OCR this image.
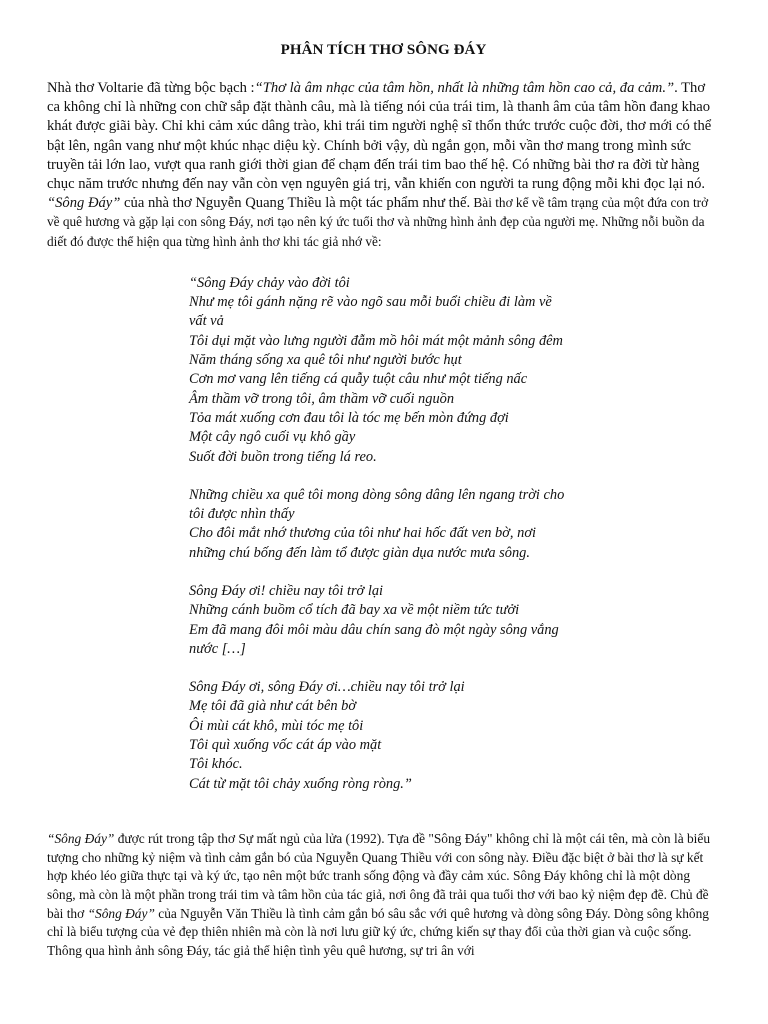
PHÂN TÍCH THƠ SÔNG ĐÁY

Nhà thơ Voltarie đã từng bộc bạch :“Thơ là âm nhạc của tâm hồn, nhất là những tâm hồn cao cả, đa cảm.”. Thơ ca không chỉ là những con chữ sắp đặt thành câu, mà là tiếng nói của trái tim, là thanh âm của tâm hồn đang khao khát được giãi bày. Chỉ khi cảm xúc dâng trào, khi trái tim người nghệ sĩ thổn thức trước cuộc đời, thơ mới có thể bật lên, ngân vang như một khúc nhạc diệu kỳ. Chính bởi vậy, dù ngắn gọn, mỗi vần thơ mang trong mình sức truyền tải lớn lao, vượt qua ranh giới thời gian để chạm đến trái tim bao thế hệ. Có những bài thơ ra đời từ hàng chục năm trước nhưng đến nay vẫn còn vẹn nguyên giá trị, vẫn khiến con người ta rung động mỗi khi đọc lại nó. “Sông Đáy” của nhà thơ Nguyễn Quang Thiều là một tác phẩm như thế. Bài thơ kể về tâm trạng của một đứa con trở về quê hương và gặp lại con sông Đáy, nơi tạo nên ký ức tuổi thơ và những hình ảnh đẹp của người mẹ. Những nỗi buồn da diết đó được thể hiện qua từng hình ảnh thơ khi tác giả nhớ về:

“Sông Đáy chảy vào đời tôi
Như mẹ tôi gánh nặng rẽ vào ngõ sau mỗi buổi chiều đi làm về
vất vả
Tôi dụi mặt vào lưng người đẫm mồ hôi mát một mảnh sông đêm
Năm tháng sống xa quê tôi như người bước hụt
Cơn mơ vang lên tiếng cá quẫy tuột câu như một tiếng nấc
Âm thầm vỡ trong tôi, âm thầm vỡ cuối nguồn
Tỏa mát xuống cơn đau tôi là tóc mẹ bến mòn đứng đợi
Một cây ngô cuối vụ khô gầy
Suốt đời buồn trong tiếng lá reo.
Những chiều xa quê tôi mong dòng sông dâng lên ngang trời cho
tôi được nhìn thấy
Cho đôi mắt nhớ thương của tôi như hai hốc đất ven bờ, nơi
những chú bống đến làm tổ được giàn dụa nước mưa sông.
Sông Đáy ơi! chiều nay tôi trở lại
Những cánh buồm cổ tích đã bay xa về một niềm tức tưởi
Em đã mang đôi môi màu dâu chín sang đò một ngày sông vắng
nước […]
Sông Đáy ơi, sông Đáy ơi…chiều nay tôi trở lại
Mẹ tôi đã già như cát bên bờ
Ôi mùi cát khô, mùi tóc mẹ tôi
Tôi quì xuống vốc cát áp vào mặt
Tôi khóc.
Cát từ mặt tôi chảy xuống ròng ròng.”

“Sông Đáy” được rút trong tập thơ Sự mất ngủ của lửa (1992). Tựa đề "Sông Đáy" không chỉ là một cái tên, mà còn là biểu tượng cho những kỷ niệm và tình cảm gắn bó của Nguyễn Quang Thiều với con sông này. Điều đặc biệt ở bài thơ là sự kết hợp khéo léo giữa thực tại và ký ức, tạo nên một bức tranh sống động và đầy cảm xúc. Sông Đáy không chỉ là một dòng sông, mà còn là một phần trong trái tim và tâm hồn của tác giả, nơi ông đã trải qua tuổi thơ với bao kỷ niệm đẹp đẽ. Chủ đề bài thơ “Sông Đáy” của Nguyễn Văn Thiều là tình cảm gắn bó sâu sắc với quê hương và dòng sông Đáy. Dòng sông không chỉ là biểu tượng của vẻ đẹp thiên nhiên mà còn là nơi lưu giữ ký ức, chứng kiến sự thay đổi của thời gian và cuộc sống. Thông qua hình ảnh sông Đáy, tác giả thể hiện tình yêu quê hương, sự tri ân với
